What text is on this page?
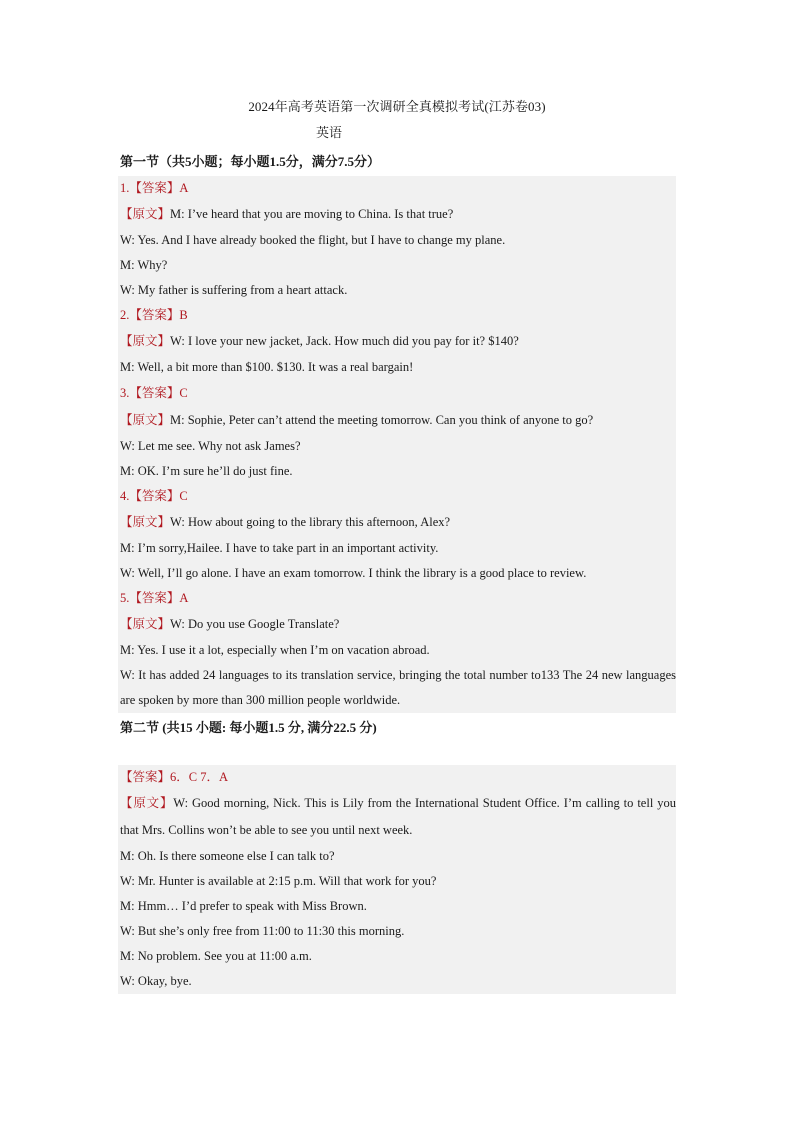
2024年高考英语第一次调研全真模拟考试(江苏卷03)
英语
第一节（共5小题；每小题1.5分，满分7.5分）
1.【答案】A
【原文】M: I’ve heard that you are moving to China. Is that true?
W: Yes. And I have already booked the flight, but I have to change my plane.
M: Why?
W: My father is suffering from a heart attack.
2.【答案】B
【原文】W: I love your new jacket, Jack. How much did you pay for it? $140?
M: Well, a bit more than $100. $130. It was a real bargain!
3.【答案】C
【原文】M: Sophie, Peter can’t attend the meeting tomorrow. Can you think of anyone to go?
W: Let me see. Why not ask James?
M: OK. I’m sure he’ll do just fine.
4.【答案】C
【原文】W: How about going to the library this afternoon, Alex?
M: I’m sorry,Hailee. I have to take part in an important activity.
W: Well, I’ll go alone. I have an exam tomorrow. I think the library is a good place to review.
5.【答案】A
【原文】W: Do you use Google Translate?
M: Yes. I use it a lot, especially when I’m on vacation abroad.
W: It has added 24 languages to its translation service, bringing the total number to133 The 24 new languages are spoken by more than 300 million people worldwide.
第二节 (共15 小题: 每小题1.5 分, 满分22.5 分)
【答案】6．C 7．A
【原文】W: Good morning, Nick. This is Lily from the International Student Office. I’m calling to tell you that Mrs. Collins won’t be able to see you until next week.
M: Oh. Is there someone else I can talk to?
W: Mr. Hunter is available at 2:15 p.m. Will that work for you?
M: Hmm… I’d prefer to speak with Miss Brown.
W: But she’s only free from 11:00 to 11:30 this morning.
M: No problem. See you at 11:00 a.m.
W: Okay, bye.
